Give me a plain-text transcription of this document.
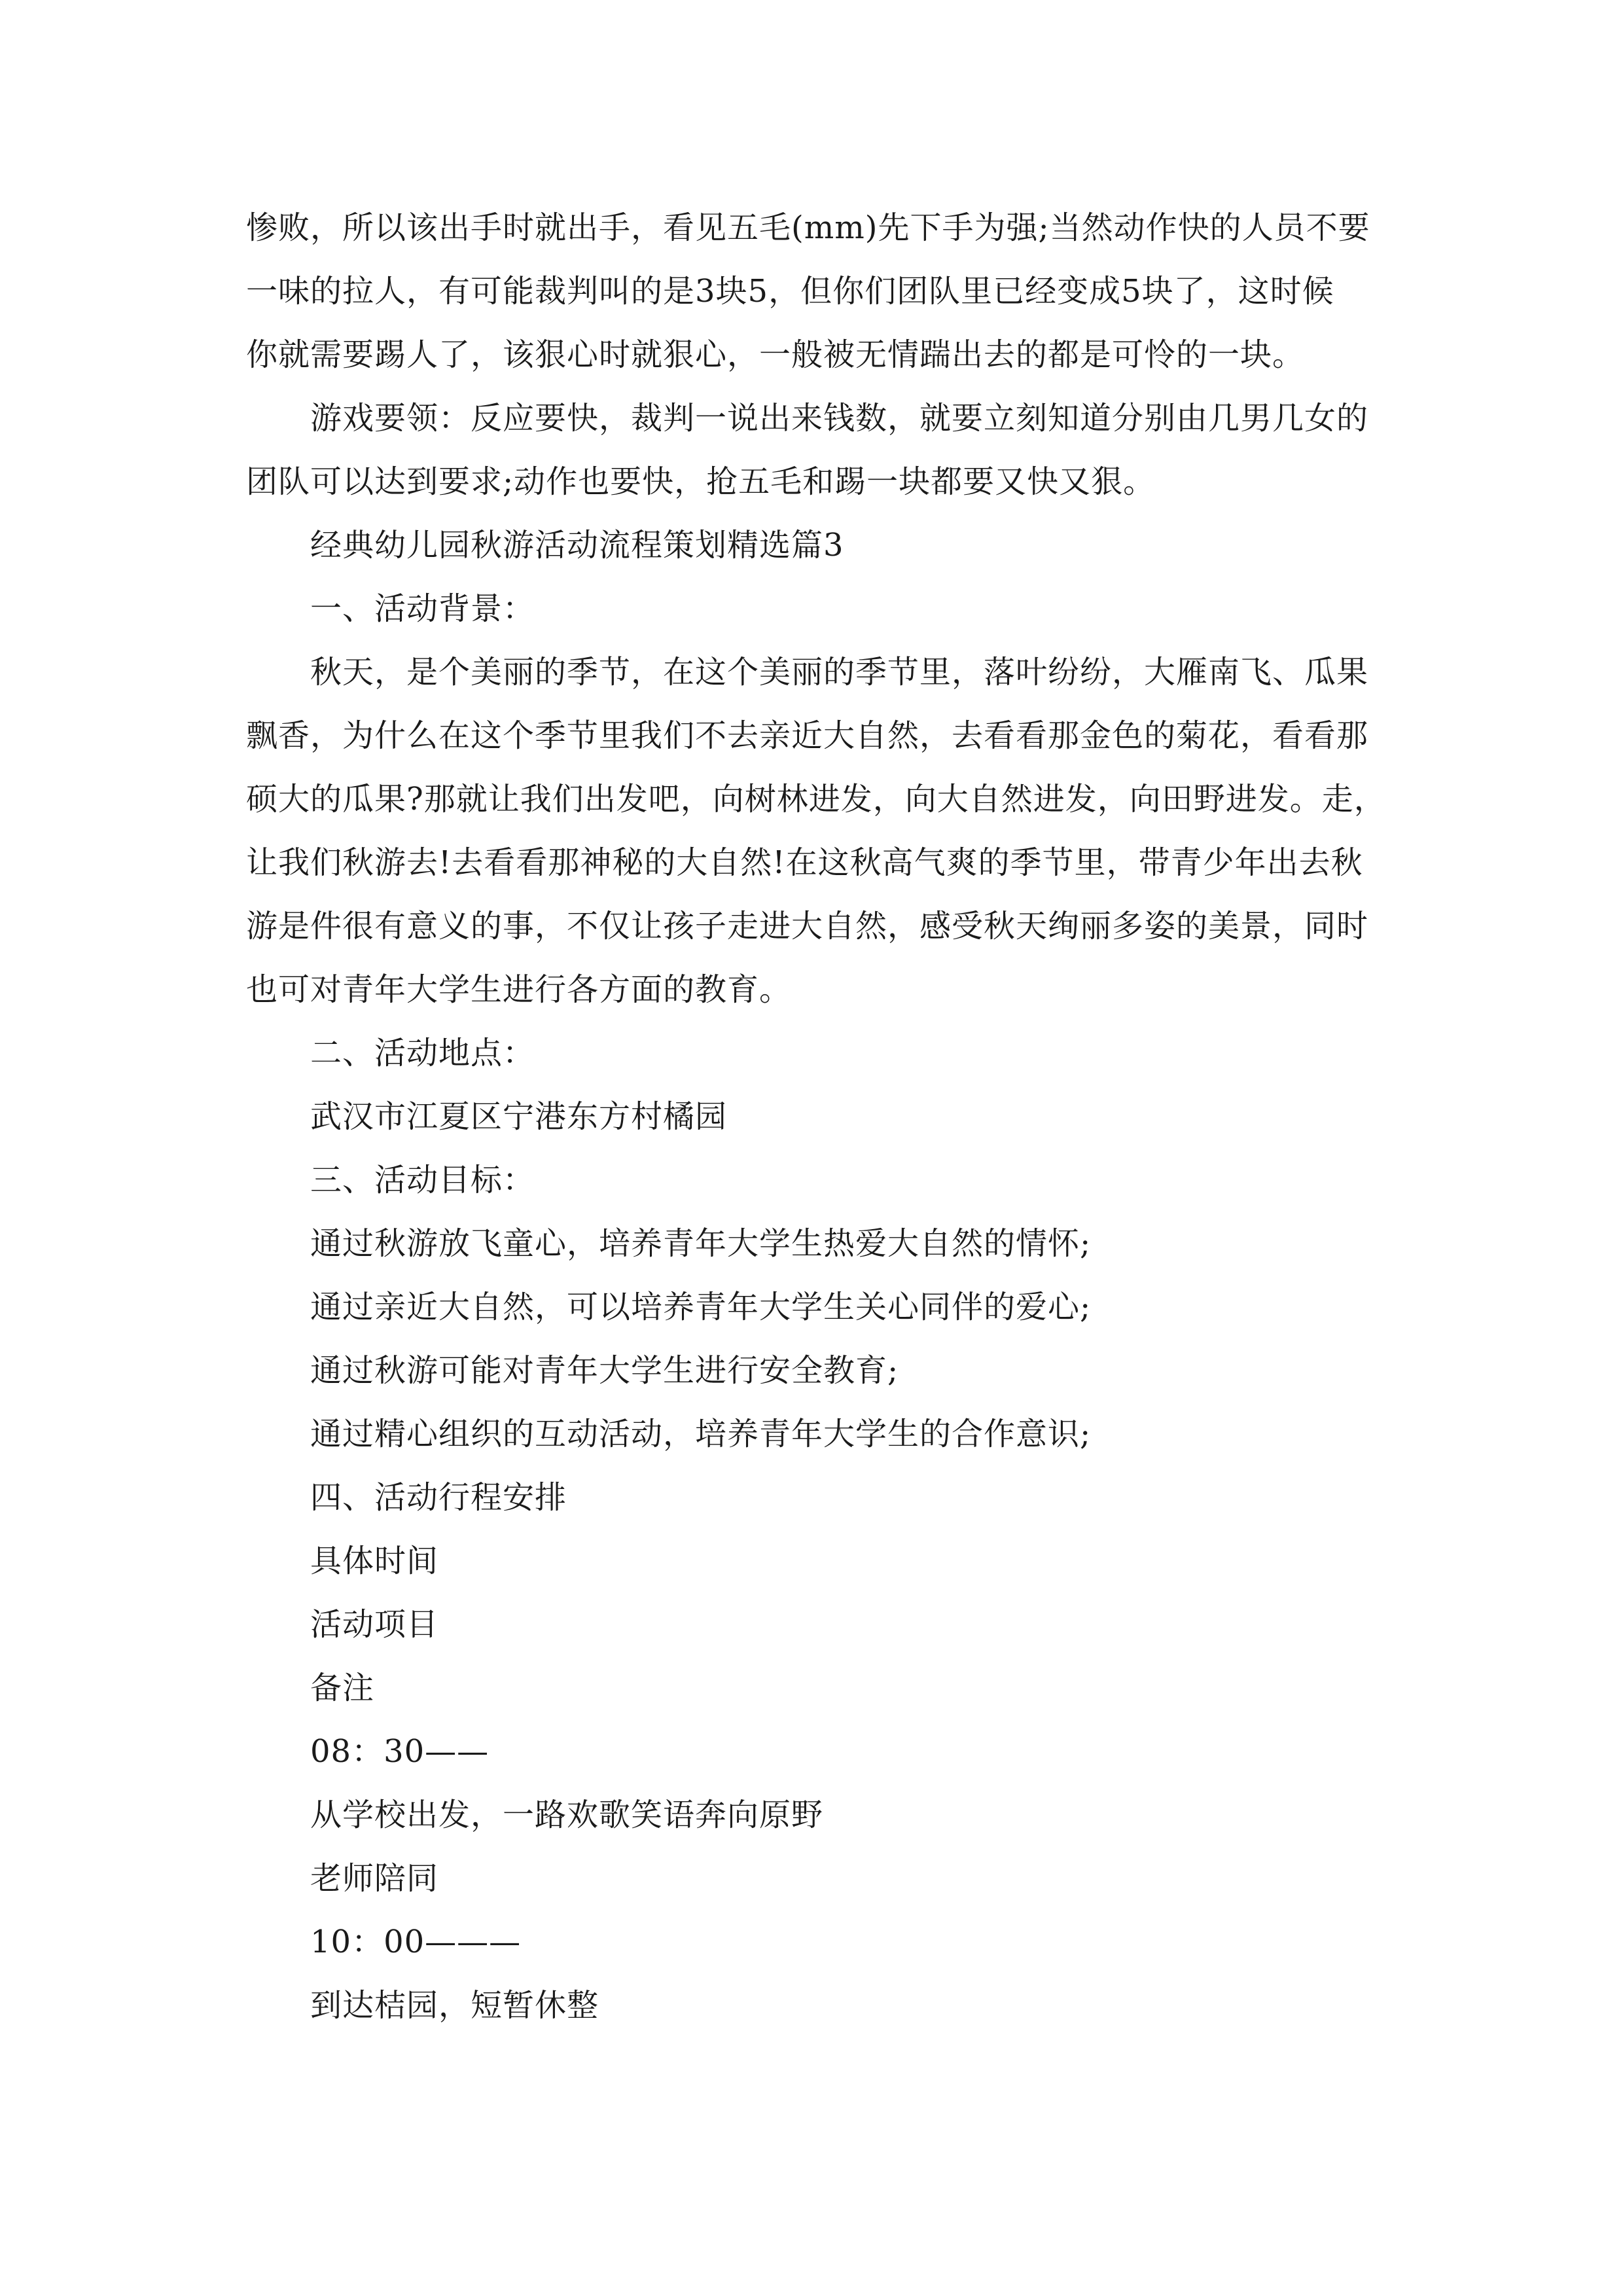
惨败，所以该出手时就出手，看见五毛(mm)先下手为强;当然动作快的人员不要
一味的拉人，有可能裁判叫的是3块5，但你们团队里已经变成5块了，这时候
你就需要踢人了，该狠心时就狠心，一般被无情踹出去的都是可怜的一块。
游戏要领：反应要快，裁判一说出来钱数，就要立刻知道分别由几男几女的
团队可以达到要求;动作也要快，抢五毛和踢一块都要又快又狠。
经典幼儿园秋游活动流程策划精选篇3
一、活动背景：
秋天，是个美丽的季节，在这个美丽的季节里，落叶纷纷，大雁南飞、瓜果
飘香，为什么在这个季节里我们不去亲近大自然，去看看那金色的菊花，看看那
硕大的瓜果?那就让我们出发吧，向树林进发，向大自然进发，向田野进发。走，
让我们秋游去!去看看那神秘的大自然!在这秋高气爽的季节里，带青少年出去秋
游是件很有意义的事，不仅让孩子走进大自然，感受秋天绚丽多姿的美景，同时
也可对青年大学生进行各方面的教育。
二、活动地点：
武汉市江夏区宁港东方村橘园
三、活动目标：
通过秋游放飞童心，培养青年大学生热爱大自然的情怀;
通过亲近大自然，可以培养青年大学生关心同伴的爱心;
通过秋游可能对青年大学生进行安全教育;
通过精心组织的互动活动，培养青年大学生的合作意识;
四、活动行程安排
具体时间
活动项目
备注
08：30——
从学校出发，一路欢歌笑语奔向原野
老师陪同
10：00———
到达桔园，短暂休整
